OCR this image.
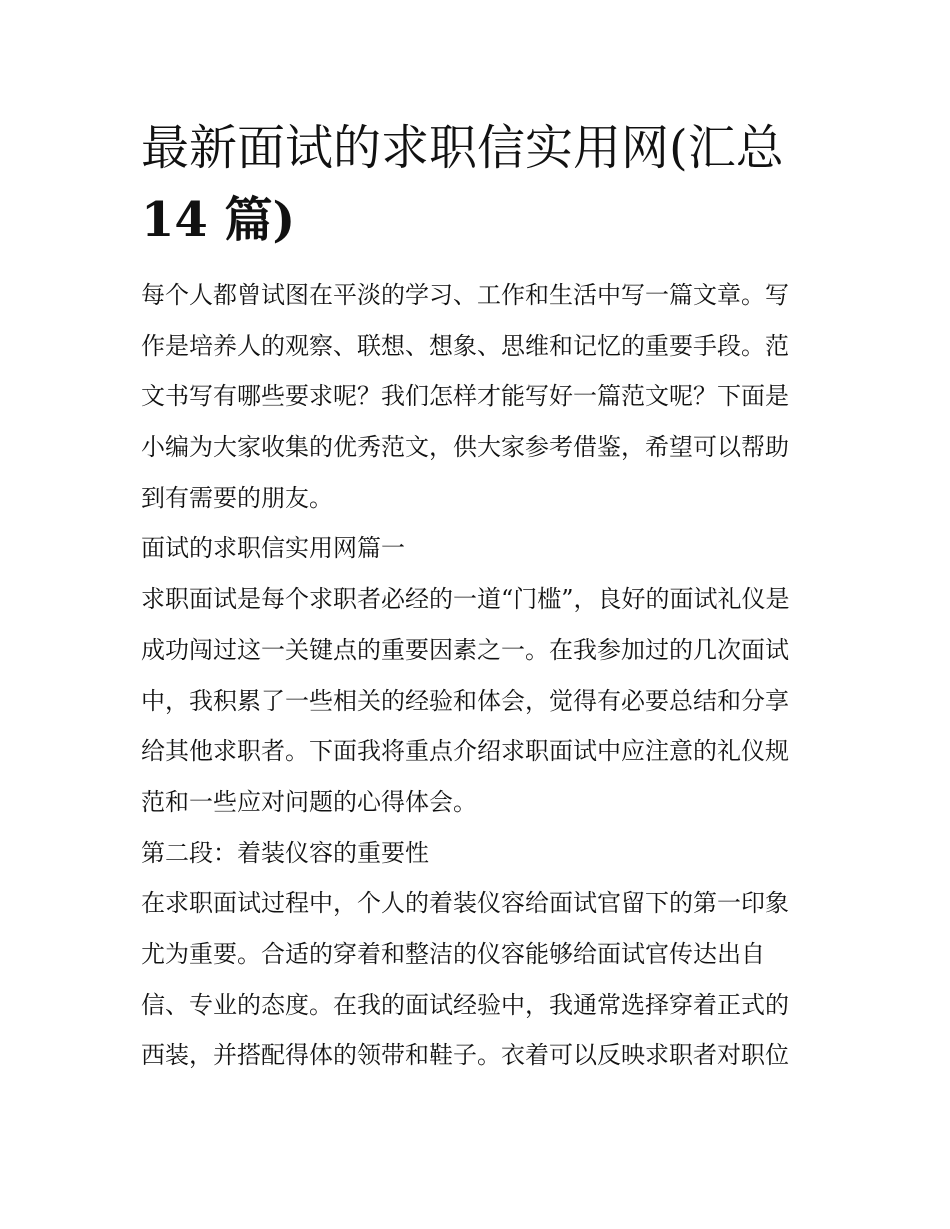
最新面试的求职信实用网(汇总
14 篇)
每个人都曾试图在平淡的学习、工作和生活中写一篇文章。写
作是培养人的观察、联想、想象、思维和记忆的重要手段。范
文书写有哪些要求呢？我们怎样才能写好一篇范文呢？下面是
小编为大家收集的优秀范文，供大家参考借鉴，希望可以帮助
到有需要的朋友。
面试的求职信实用网篇一
求职面试是每个求职者必经的一道“门槛”，良好的面试礼仪是
成功闯过这一关键点的重要因素之一。在我参加过的几次面试
中，我积累了一些相关的经验和体会，觉得有必要总结和分享
给其他求职者。下面我将重点介绍求职面试中应注意的礼仪规
范和一些应对问题的心得体会。
第二段：着装仪容的重要性
在求职面试过程中，个人的着装仪容给面试官留下的第一印象
尤为重要。合适的穿着和整洁的仪容能够给面试官传达出自
信、专业的态度。在我的面试经验中，我通常选择穿着正式的
西装，并搭配得体的领带和鞋子。衣着可以反映求职者对职位
